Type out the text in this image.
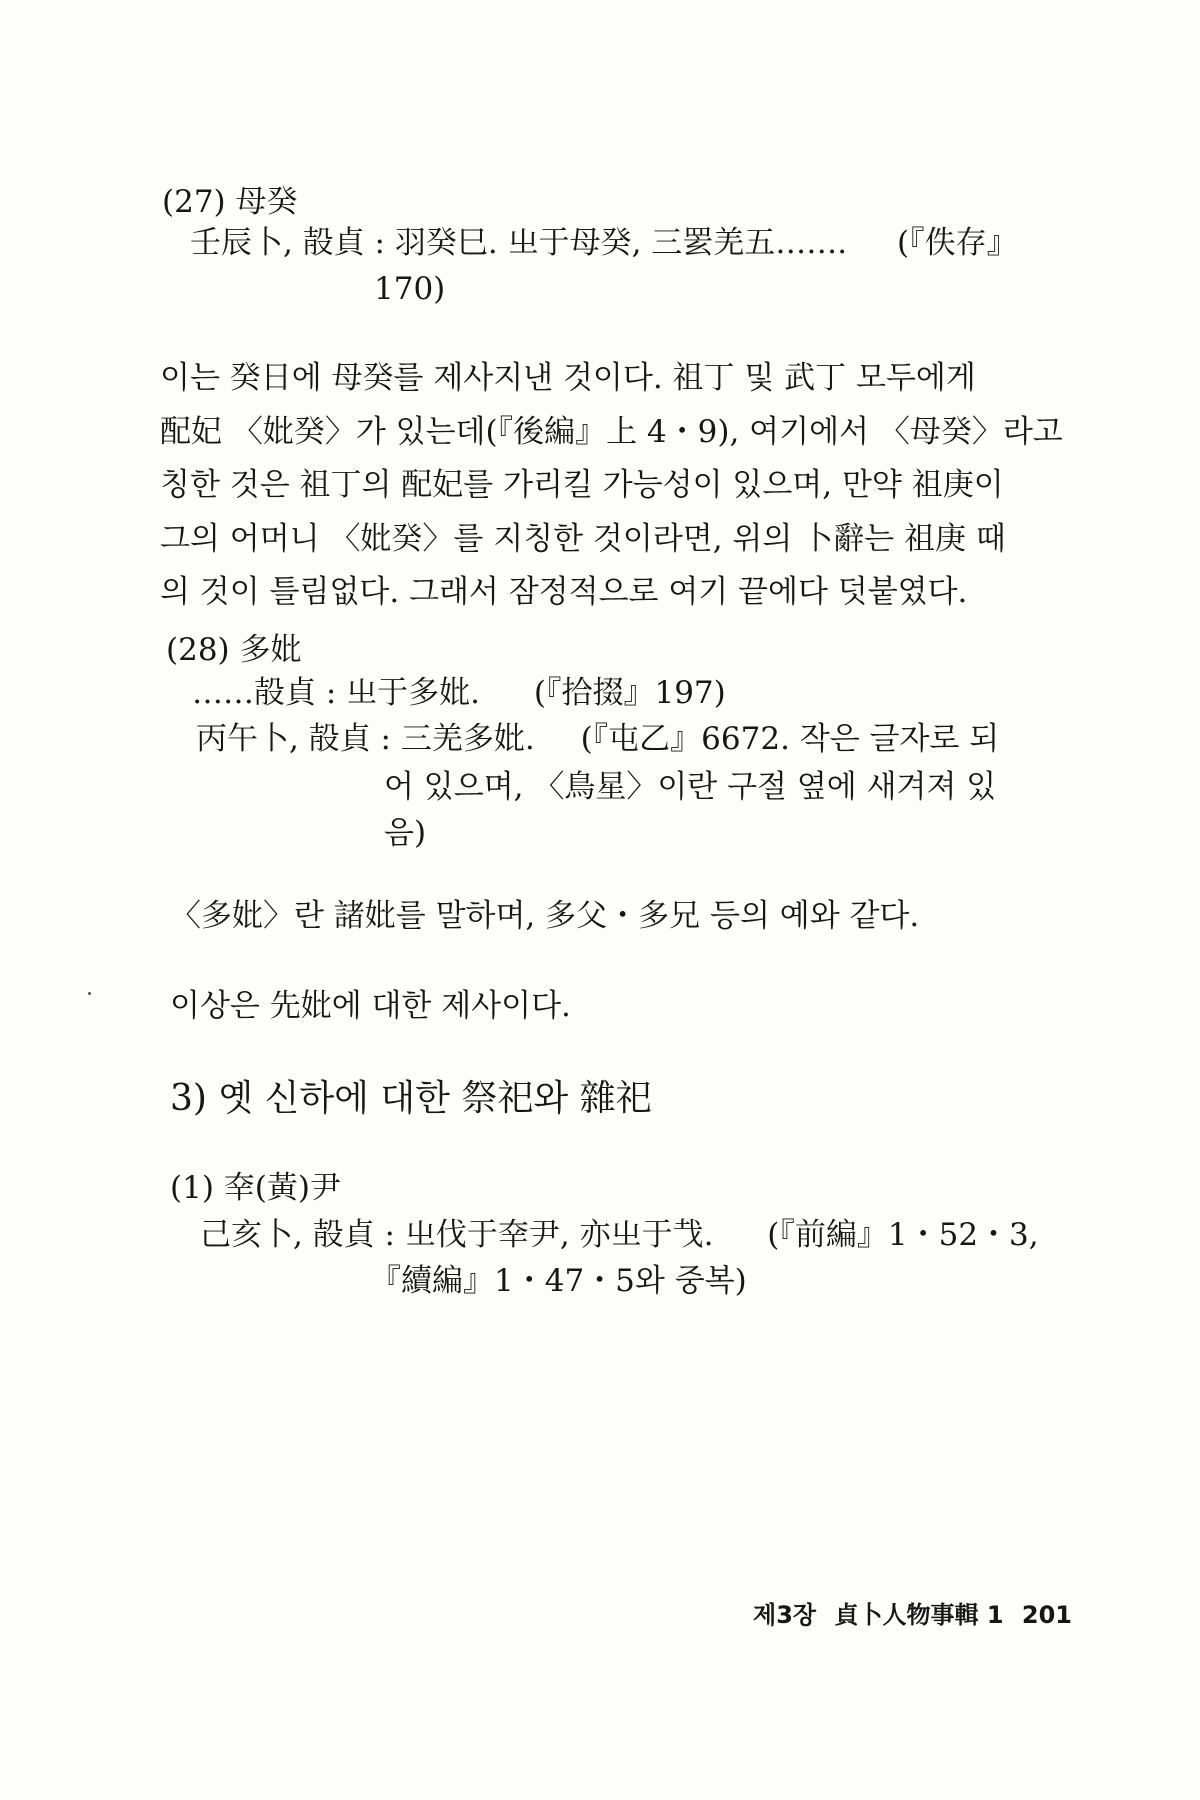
(27) 母癸
壬辰卜, 㱿貞 : 羽癸巳. 㞢于母癸, 三䍗羌五……. (『佚存』
170)
이는 癸日에 母癸를 제사지낸 것이다. 祖丁 및 武丁 모두에게
配妃 〈妣癸〉가 있는데(『後編』上 4・9), 여기에서 〈母癸〉라고
칭한 것은 祖丁의 配妃를 가리킬 가능성이 있으며, 만약 祖庚이
그의 어머니 〈妣癸〉를 지칭한 것이라면, 위의 卜辭는 祖庚 때
의 것이 틀림없다. 그래서 잠정적으로 여기 끝에다 덧붙였다.
(28) 多妣
……㱿貞 : 㞢于多妣. (『拾掇』197)
丙午卜, 㱿貞 : 三羌多妣. (『屯乙』6672. 작은 글자로 되
어 있으며, 〈鳥星〉이란 구절 옆에 새겨져 있
음)
〈多妣〉란 諸妣를 말하며, 多父・多兄 등의 예와 같다.
이상은 先妣에 대한 제사이다.
3) 옛 신하에 대한 祭祀와 雜祀
(1) 㚔(黃)尹
己亥卜, 㱿貞 : 㞢伐于㚔尹, 亦㞢于𢦏. (『前編』1・52・3,
『續編』1・47・5와 중복)
제3장 貞卜人物事輯 1 201
